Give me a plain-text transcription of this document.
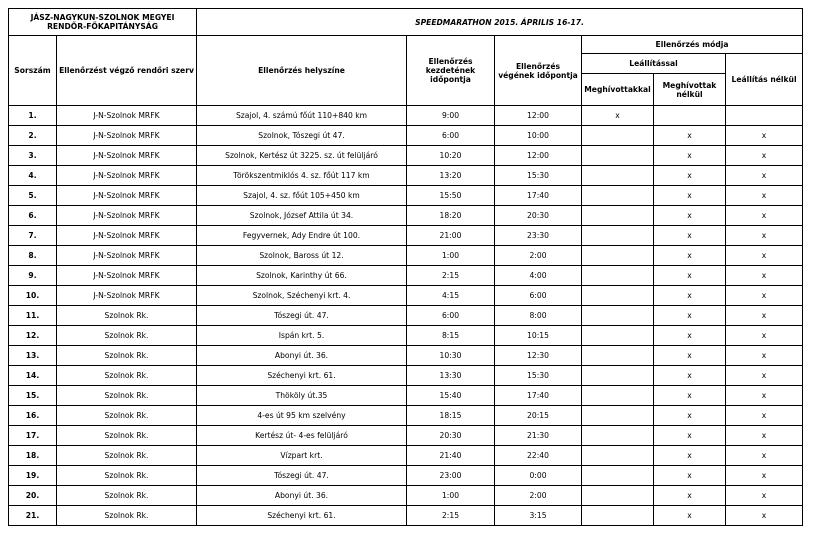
JÁSZ-NAGYKUN-SZOLNOK MEGYEI RENDŐR-FŐKAPITÁNYSÁG		SPEEDMARATHON 2015. ÁPRILIS 16-17.					
Sorszám	Ellenőrzést végző rendőri szerv	Ellenőrzés helyszíne	Ellenőrzés kezdetének időpontja	Ellenőrzés végének időpontja	Ellenőrzés módja		
					Leállítással		Leállítás nélkül
					Meghívottakkal	Meghívottak nélkül	
1.	J-N-Szolnok MRFK	Szajol, 4. számú főút 110+840 km	9:00	12:00	x		
2.	J-N-Szolnok MRFK	Szolnok, Tószegi út 47.	6:00	10:00		x	x
3.	J-N-Szolnok MRFK	Szolnok, Kertész út 3225. sz. út felüljáró	10:20	12:00		x	x
4.	J-N-Szolnok MRFK	Törökszentmiklós 4. sz. főút 117 km	13:20	15:30		x	x
5.	J-N-Szolnok MRFK	Szajol, 4. sz. főút 105+450 km	15:50	17:40		x	x
6.	J-N-Szolnok MRFK	Szolnok, József Attila út 34.	18:20	20:30		x	x
7.	J-N-Szolnok MRFK	Fegyvernek, Ady Endre út 100.	21:00	23:30		x	x
8.	J-N-Szolnok MRFK	Szolnok, Baross út 12.	1:00	2:00		x	x
9.	J-N-Szolnok MRFK	Szolnok, Karinthy út 66.	2:15	4:00		x	x
10.	J-N-Szolnok MRFK	Szolnok, Széchenyi krt. 4.	4:15	6:00		x	x
11.	Szolnok Rk.	Tószegi út. 47.	6:00	8:00		x	x
12.	Szolnok Rk.	Ispán krt. 5.	8:15	10:15		x	x
13.	Szolnok Rk.	Abonyi út. 36.	10:30	12:30		x	x
14.	Szolnok Rk.	Széchenyi krt. 61.	13:30	15:30		x	x
15.	Szolnok Rk.	Thököly út.35	15:40	17:40		x	x
16.	Szolnok Rk.	4-es út 95 km szelvény	18:15	20:15		x	x
17.	Szolnok Rk.	Kertész út- 4-es felüljáró	20:30	21:30		x	x
18.	Szolnok Rk.	Vízpart krt.	21:40	22:40		x	x
19.	Szolnok Rk.	Tószegi út. 47.	23:00	0:00		x	x
20.	Szolnok Rk.	Abonyi út. 36.	1:00	2:00		x	x
21.	Szolnok Rk.	Széchenyi krt. 61.	2:15	3:15		x	x
